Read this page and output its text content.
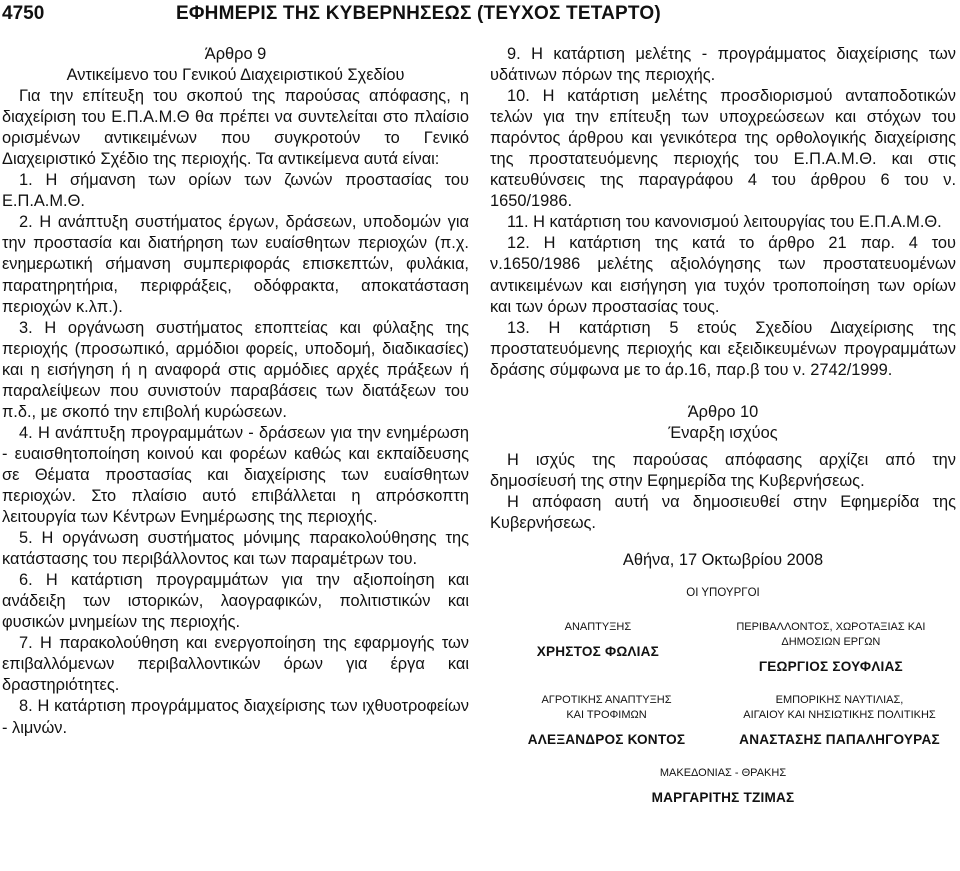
4750	ΕΦΗΜΕΡΙΣ ΤΗΣ ΚΥΒΕΡΝΗΣΕΩΣ (ΤΕΥΧΟΣ ΤΕΤΑΡΤΟ)

Άρθρο 9

Αντικείμενο του Γενικού Διαχειριστικού Σχεδίου

Για την επίτευξη του σκοπού της παρούσας απόφασης, η διαχείριση του Ε.Π.Α.Μ.Θ θα πρέπει να συντελείται στο πλαίσιο ορισμένων αντικειμένων που συγκροτούν το Γενικό Διαχειριστικό Σχέδιο της περιοχής. Τα αντικείμενα αυτά είναι:

1. Η σήμανση των ορίων των ζωνών προστασίας του Ε.Π.Α.Μ.Θ.

2. Η ανάπτυξη συστήματος έργων, δράσεων, υποδομών για την προστασία και διατήρηση των ευαίσθητων περιοχών (π.χ. ενημερωτική σήμανση συμπεριφοράς επισκεπτών, φυλάκια, παρατηρητήρια, περιφράξεις, οδόφρακτα, αποκατάσταση περιοχών κ.λπ.).

3. Η οργάνωση συστήματος εποπτείας και φύλαξης της περιοχής (προσωπικό, αρμόδιοι φορείς, υποδομή, διαδικασίες) και η εισήγηση ή η αναφορά στις αρμόδιες αρχές πράξεων ή παραλείψεων που συνιστούν παραβάσεις των διατάξεων του π.δ., με σκοπό την επιβολή κυρώσεων.

4. Η ανάπτυξη προγραμμάτων - δράσεων για την ενημέρωση - ευαισθητοποίηση κοινού και φορέων καθώς και εκπαίδευσης σε Θέματα προστασίας και διαχείρισης των ευαίσθητων περιοχών. Στο πλαίσιο αυτό επιβάλλεται η απρόσκοπτη λειτουργία των Κέντρων Ενημέρωσης της περιοχής.

5. Η οργάνωση συστήματος μόνιμης παρακολούθησης της κατάστασης του περιβάλλοντος και των παραμέτρων του.

6. Η κατάρτιση προγραμμάτων για την αξιοποίηση και ανάδειξη των ιστορικών, λαογραφικών, πολιτιστικών και φυσικών μνημείων της περιοχής.

7. Η παρακολούθηση και ενεργοποίηση της εφαρμογής των επιβαλλόμενων περιβαλλοντικών όρων για έργα και δραστηριότητες.

8. Η κατάρτιση προγράμματος διαχείρισης των ιχθυοτροφείων - λιμνών.

9. Η κατάρτιση μελέτης - προγράμματος διαχείρισης των υδάτινων πόρων της περιοχής.

10. Η κατάρτιση μελέτης προσδιορισμού ανταποδοτικών τελών για την επίτευξη των υποχρεώσεων και στόχων του παρόντος άρθρου και γενικότερα της ορθολογικής διαχείρισης της προστατευόμενης περιοχής του Ε.Π.Α.Μ.Θ. και στις κατευθύνσεις της παραγράφου 4 του άρθρου 6 του ν. 1650/1986.

11. Η κατάρτιση του κανονισμού λειτουργίας του Ε.Π.Α.Μ.Θ.

12. Η κατάρτιση της κατά το άρθρο 21 παρ. 4 του ν.1650/1986 μελέτης αξιολόγησης των προστατευομένων αντικειμένων και εισήγηση για τυχόν τροποποίηση των ορίων και των όρων προστασίας τους.

13. Η κατάρτιση 5 ετούς Σχεδίου Διαχείρισης της προστατευόμενης περιοχής και εξειδικευμένων προγραμμάτων δράσης σύμφωνα με το άρ.16, παρ.β του ν. 2742/1999.

Άρθρο 10

Έναρξη ισχύος

Η ισχύς της παρούσας απόφασης αρχίζει από την δημοσίευσή της στην Εφημερίδα της Κυβερνήσεως.

Η απόφαση αυτή να δημοσιευθεί στην Εφημερίδα της Κυβερνήσεως.

Αθήνα, 17 Οκτωβρίου 2008

ΟΙ ΥΠΟΥΡΓΟΙ
ΑΝΑΠΤΥΞΗΣ
ΧΡΗΣΤΟΣ ΦΩΛΙΑΣ
ΠΕΡΙΒΑΛΛΟΝΤΟΣ, ΧΩΡΟΤΑΞΙΑΣ ΚΑΙ ΔΗΜΟΣΙΩΝ ΕΡΓΩΝ
ΓΕΩΡΓΙΟΣ ΣΟΥΦΛΙΑΣ
ΑΓΡΟΤΙΚΗΣ ΑΝΑΠΤΥΞΗΣ
ΚΑΙ ΤΡΟΦΙΜΩΝ
ΑΛΕΞΑΝΔΡΟΣ ΚΟΝΤΟΣ
ΕΜΠΟΡΙΚΗΣ ΝΑΥΤΙΛΙΑΣ,
ΑΙΓΑΙΟΥ ΚΑΙ ΝΗΣΙΩΤΙΚΗΣ ΠΟΛΙΤΙΚΗΣ
ΑΝΑΣΤΑΣΗΣ ΠΑΠΑΛΗΓΟΥΡΑΣ
ΜΑΚΕΔΟΝΙΑΣ - ΘΡΑΚΗΣ
ΜΑΡΓΑΡΙΤΗΣ ΤΖΙΜΑΣ
